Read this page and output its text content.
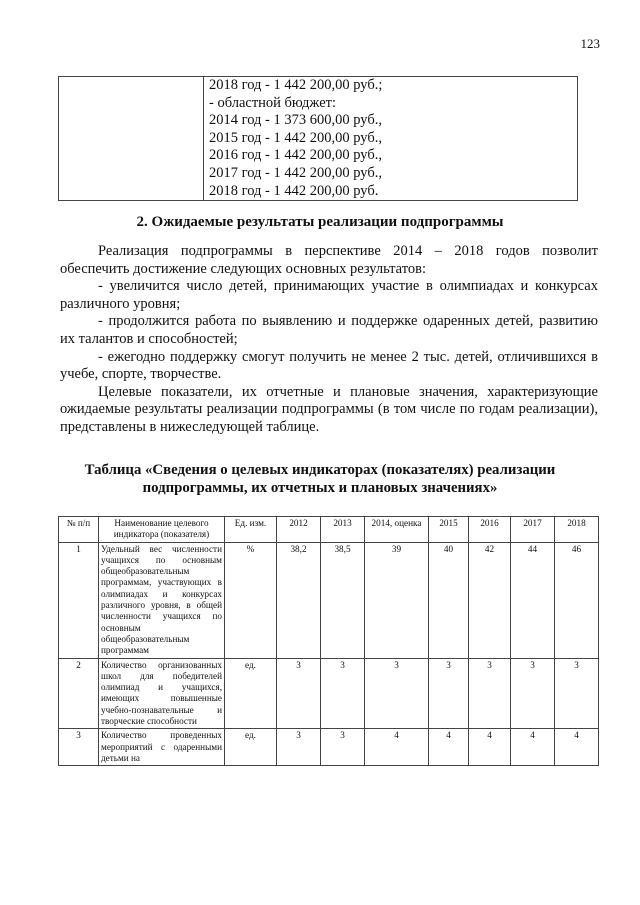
123

2018 год - 1 442 200,00 руб.;
- областной бюджет:
2014 год - 1 373 600,00 руб.,
2015 год - 1 442 200,00 руб.,
2016 год - 1 442 200,00 руб.,
2017 год - 1 442 200,00 руб.,
2018 год - 1 442 200,00 руб.
2. Ожидаемые результаты реализации подпрограммы

Реализация подпрограммы в перспективе 2014 – 2018 годов позволит обеспечить достижение следующих основных результатов:

- увеличится число детей, принимающих участие в олимпиадах и конкурсах различного уровня;

- продолжится работа по выявлению и поддержке одаренных детей, развитию их талантов и способностей;

- ежегодно поддержку смогут получить не менее 2 тыс. детей, отличившихся в учебе, спорте, творчестве.

Целевые показатели, их отчетные и плановые значения, характеризующие ожидаемые результаты реализации подпрограммы (в том числе по годам реализации), представлены в нижеследующей таблице.

Таблица «Сведения о целевых индикаторах (показателях) реализации подпрограммы, их отчетных и плановых значениях»
№ п/п	Наименование целевого индикатора (показателя)	Ед. изм.	2012	2013	2014, оценка	2015	2016	2017	2018
1	Удельный вес численности учащихся по основным общеобразовательным программам, участвующих в олимпиадах и конкурсах различного уровня, в общей численности учащихся по основным общеобразовательным программам	%	38,2	38,5	39	40	42	44	46
2	Количество организованных школ для победителей олимпиад и учащихся, имеющих повышенные учебно-познавательные и творческие способности	ед.	3	3	3	3	3	3	3
3	Количество проведенных мероприятий с одаренными детьми на	ед.	3	3	4	4	4	4	4
